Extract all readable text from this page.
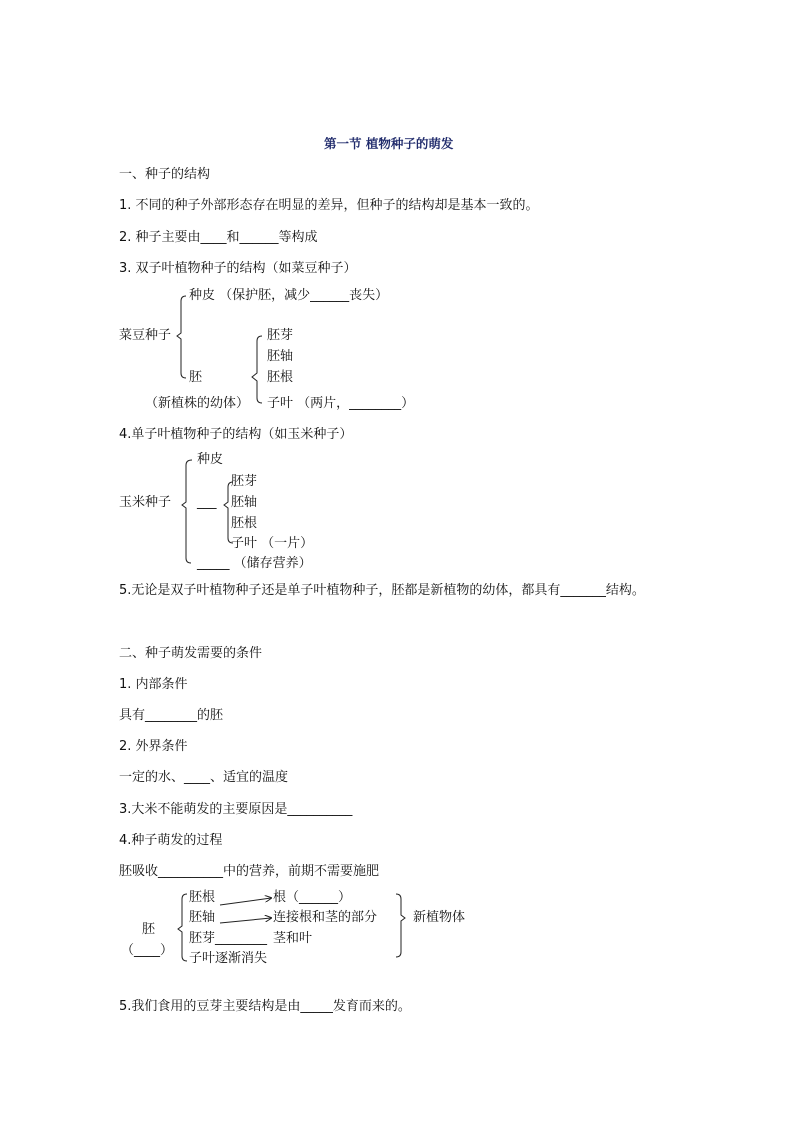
第一节 植物种子的萌发
一、种子的结构
1. 不同的种子外部形态存在明显的差异，但种子的结构却是基本一致的。
2. 种子主要由____和______等构成
3. 双子叶植物种子的结构（如菜豆种子）
种皮 （保护胚，减少______丧失）
菜豆种子	胚芽
胚轴
胚	胚根
（新植株的幼体） 子叶 （两片，________）
4.单子叶植物种子的结构（如玉米种子）
种皮
胚芽
玉米种子 ___ 胚轴
胚根
子叶 （一片）
_____ （储存营养）
5.无论是双子叶植物种子还是单子叶植物种子，胚都是新植物的幼体，都具有_______结构。
二、种子萌发需要的条件
1. 内部条件
具有________的胚
2. 外界条件
一定的水、____、适宜的温度
3.大米不能萌发的主要原因是__________
4.种子萌发的过程
胚吸收__________中的营养，前期不需要施肥
胚根	根（______）
胚轴	连接根和茎的部分	新植物体
胚
胚芽________ 茎和叶
（____）
子叶逐渐消失
5.我们食用的豆芽主要结构是由_____发育而来的。
